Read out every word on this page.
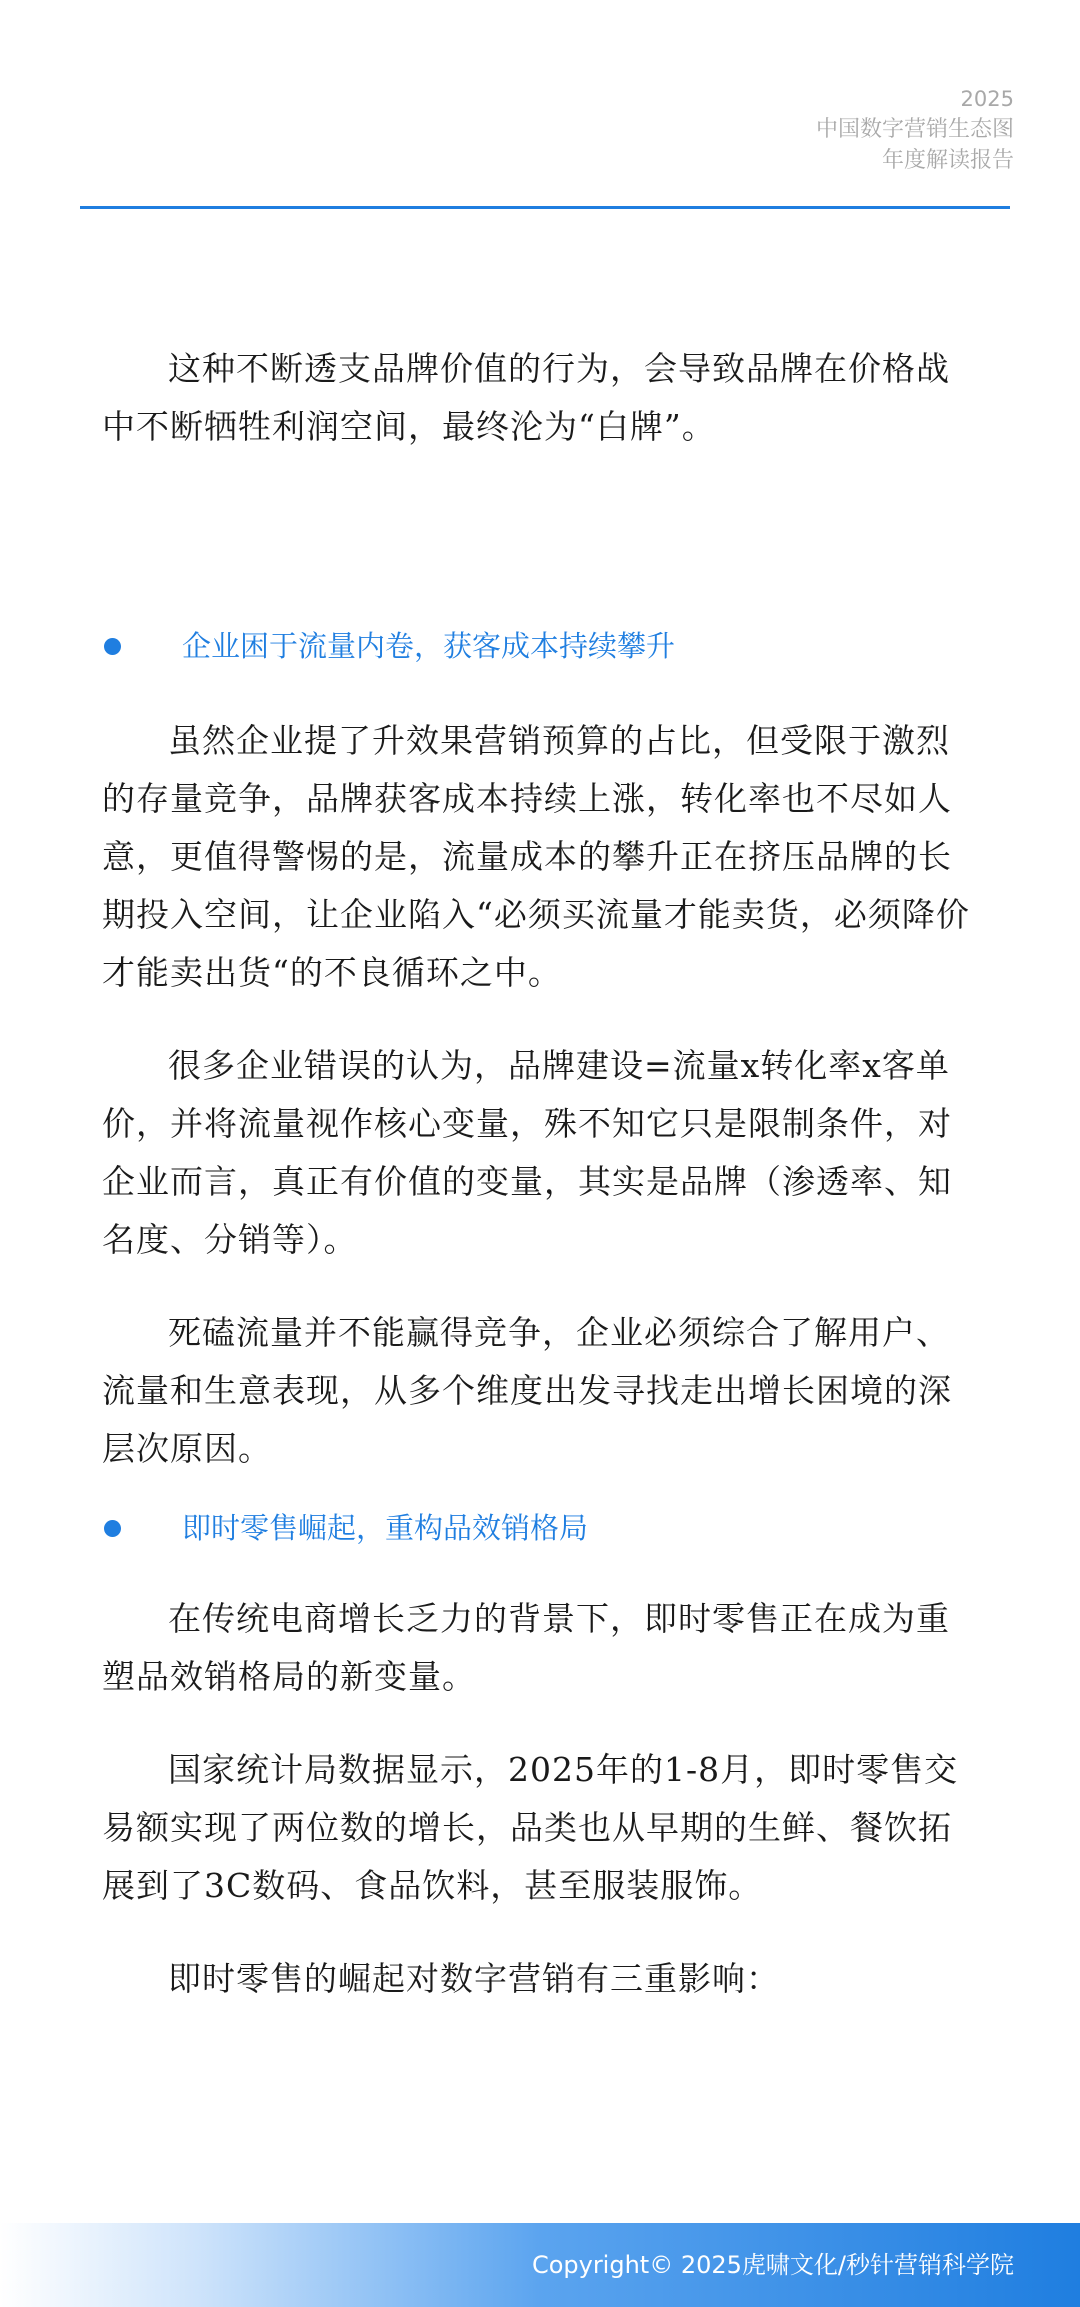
2025
中国数字营销生态图
年度解读报告

这种不断透支品牌价值的行为，会导致品牌在价格战中不断牺牲利润空间，最终沦为“白牌”。

企业困于流量内卷，获客成本持续攀升

虽然企业提了升效果营销预算的占比，但受限于激烈的存量竞争，品牌获客成本持续上涨，转化率也不尽如人意，更值得警惕的是，流量成本的攀升正在挤压品牌的长期投入空间，让企业陷入“必须买流量才能卖货，必须降价才能卖出货“的不良循环之中。

很多企业错误的认为，品牌建设=流量x转化率x客单价，并将流量视作核心变量，殊不知它只是限制条件，对企业而言，真正有价值的变量，其实是品牌（渗透率、知名度、分销等）。

死磕流量并不能赢得竞争，企业必须综合了解用户、流量和生意表现，从多个维度出发寻找走出增长困境的深层次原因。

即时零售崛起，重构品效销格局

在传统电商增长乏力的背景下，即时零售正在成为重塑品效销格局的新变量。

国家统计局数据显示，2025年的1-8月，即时零售交易额实现了两位数的增长，品类也从早期的生鲜、餐饮拓展到了3C数码、食品饮料，甚至服装服饰。

即时零售的崛起对数字营销有三重影响：

Copyright© 2025虎啸文化/秒针营销科学院
